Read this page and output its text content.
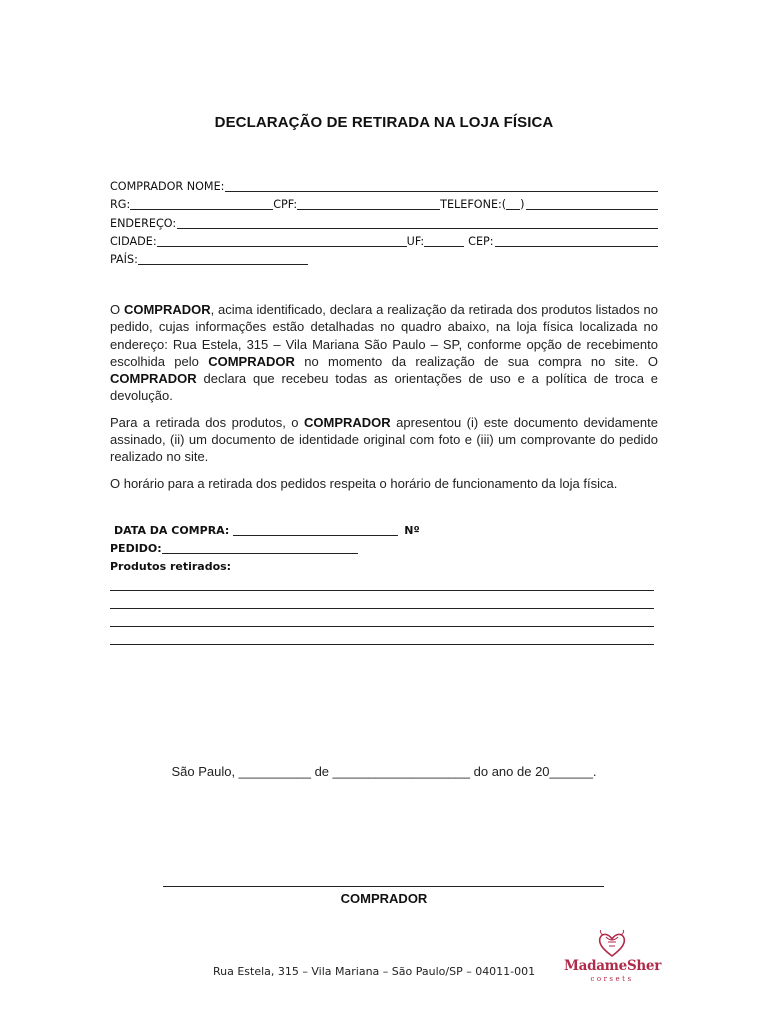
DECLARAÇÃO DE RETIRADA NA LOJA FÍSICA
COMPRADOR NOME:
RG:	CPF:	TELEFONE:( )
ENDEREÇO:
CIDADE:	UF:	CEP:
PAÍS:

O COMPRADOR, acima identificado, declara a realização da retirada dos produtos listados no pedido, cujas informações estão detalhadas no quadro abaixo, na loja física localizada no endereço: Rua Estela, 315 – Vila Mariana São Paulo – SP, conforme opção de recebimento escolhida pelo COMPRADOR no momento da realização de sua compra no site. O COMPRADOR declara que recebeu todas as orientações de uso e a política de troca e devolução.

Para a retirada dos produtos, o COMPRADOR apresentou (i) este documento devidamente assinado, (ii) um documento de identidade original com foto e (iii) um comprovante do pedido realizado no site.

O horário para a retirada dos pedidos respeita o horário de funcionamento da loja física.

DATA DA COMPRA:	Nº
PEDIDO:
Produtos retirados:
São Paulo, __________ de ___________________ do ano de 20______.
COMPRADOR
Rua Estela, 315 – Vila Mariana – São Paulo/SP – 04011-001 MadameSher
corsets
